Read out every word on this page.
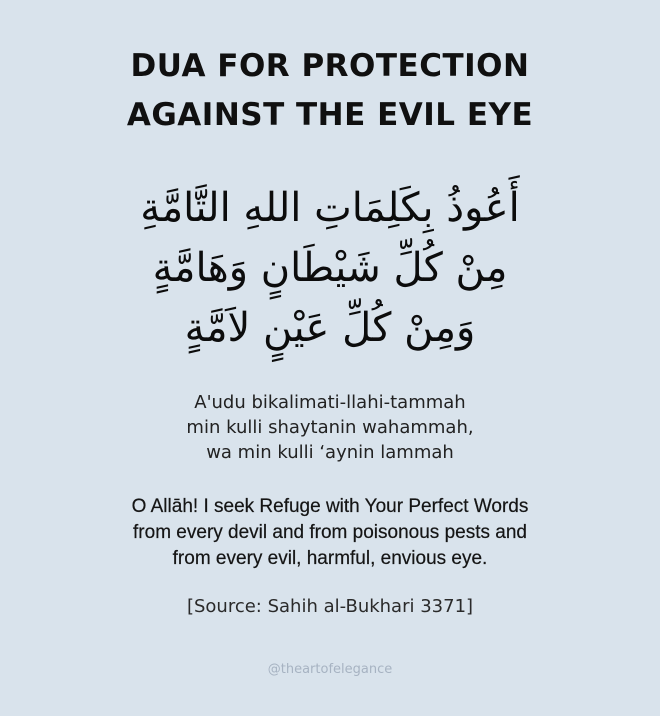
DUA FOR PROTECTION
AGAINST THE EVIL EYE
أَعُوذُ بِكَلِمَاتِ اللهِ التَّامَّةِ
مِنْ كُلِّ شَيْطَانٍ وَهَامَّةٍ
وَمِنْ كُلِّ عَيْنٍ لاَمَّةٍ
A'udu bikalimati-llahi-tammah
min kulli shaytanin wahammah,
wa min kulli ‘aynin lammah
O Allāh! I seek Refuge with Your Perfect Words
from every devil and from poisonous pests and
from every evil, harmful, envious eye.
[Source: Sahih al-Bukhari 3371]
@theartofelegance
